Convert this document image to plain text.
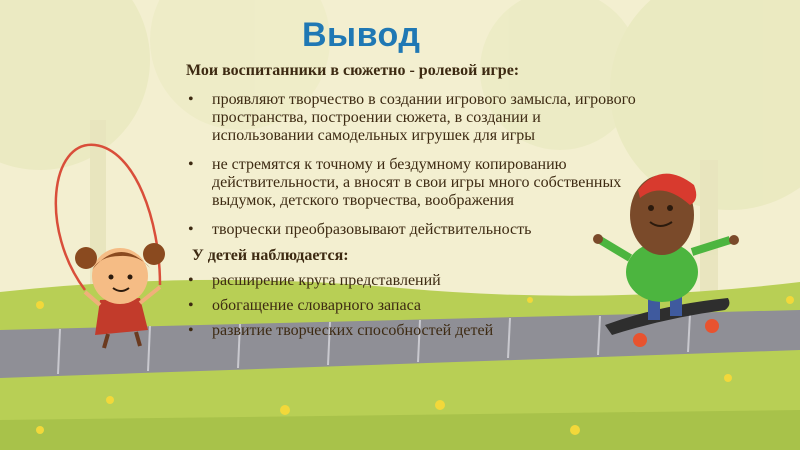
Вывод

Мои воспитанники в сюжетно - ролевой игре:

• проявляют творчество в создании игрового замысла, игрового пространства, построении сюжета, в создании и использовании самодельных игрушек для игры
• не стремятся к точному и бездумному копированию действительности, а вносят в свои игры много собственных выдумок, детского творчества, воображения
• творчески преобразовывают действительность

У детей наблюдается:

• расширение круга представлений
• обогащение словарного запаса
• развитие творческих способностей детей
